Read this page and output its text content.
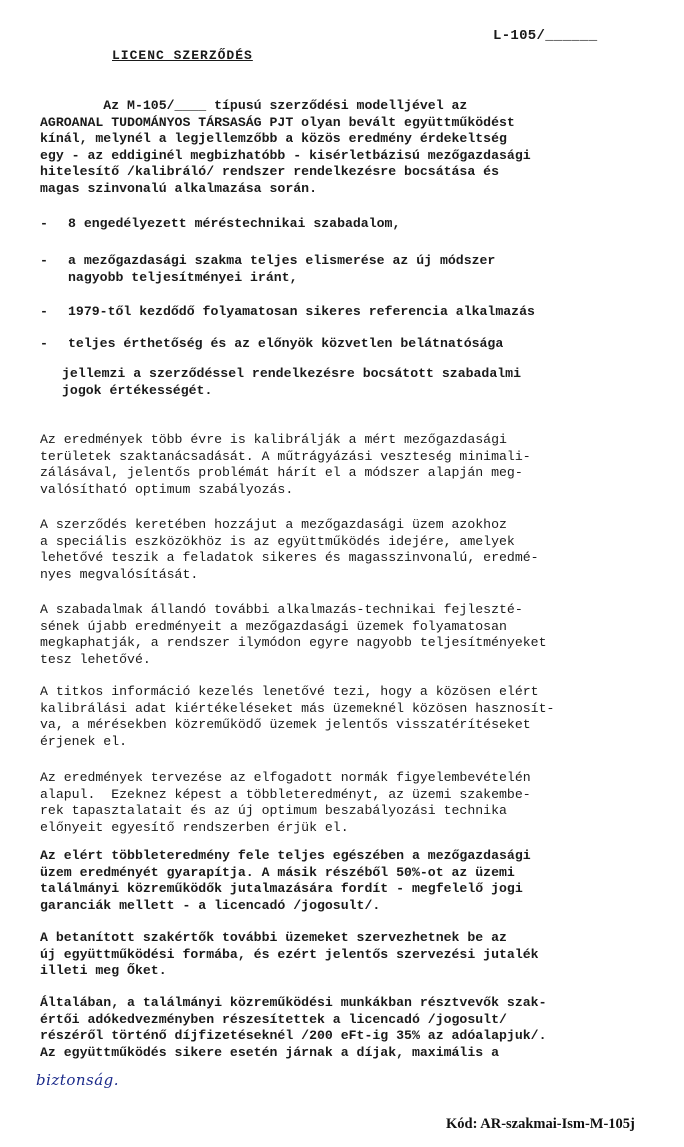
L-105/______
LICENC SZERZŐDÉS

Az M-105/____ típusú szerződési modelljével az
AGROANAL TUDOMÁNYOS TÁRSASÁG PJT olyan bevált együttműködést
kínál, melynél a legjellemzőbb a közös eredmény érdekeltség
egy - az eddiginél megbizhatóbb - kisérletbázisú mezőgazdasági
hitelesítő /kalibráló/ rendszer rendelkezésre bocsátása és
magas szinvonalú alkalmazása során.

-	8 engedélyezett méréstechnikai szabadalom,
-	a mezőgazdasági szakma teljes elismerése az új módszer
nagyobb teljesítményei iránt,
-	1979-től kezdődő folyamatosan sikeres referencia alkalmazás
-	teljes érthetőség és az előnyök közvetlen belátnatósága

jellemzi a szerződéssel rendelkezésre bocsátott szabadalmi
jogok értékességét.

Az eredmények több évre is kalibrálják a mért mezőgazdasági
területek szaktanácsadását. A műtrágyázási veszteség minimali-
zálásával, jelentős problémát hárít el a módszer alapján meg-
valósítható optimum szabályozás.

A szerződés keretében hozzájut a mezőgazdasági üzem azokhoz
a speciális eszközökhöz is az együttműködés idejére, amelyek
lehetővé teszik a feladatok sikeres és magasszinvonalú, eredmé-
nyes megvalósítását.

A szabadalmak állandó további alkalmazás-technikai fejleszté-
sének újabb eredményeit a mezőgazdasági üzemek folyamatosan
megkaphatják, a rendszer ilymódon egyre nagyobb teljesítményeket
tesz lehetővé.

A titkos információ kezelés lenetővé tezi, hogy a közösen elért
kalibrálási adat kiértékeléseket más üzemeknél közösen hasznosít-
va, a mérésekben közreműködő üzemek jelentős visszatérítéseket
érjenek el.

Az eredmények tervezése az elfogadott normák figyelembevételén
alapul.  Ezeknez képest a többleteredményt, az üzemi szakembe-
rek tapasztalatait és az új optimum beszabályozási technika
előnyeit egyesítő rendszerben érjük el.

Az elért többleteredmény fele teljes egészében a mezőgazdasági
üzem eredményét gyarapítja. A másik részéből 50%-ot az üzemi
találmányi közreműködők jutalmazására fordít - megfelelő jogi
garanciák mellett - a licencadó /jogosult/.

A betanított szakértők további üzemeket szervezhetnek be az
új együttműködési formába, és ezért jelentős szervezési jutalék
illeti meg Őket.

Általában, a találmányi közreműködési munkákban résztvevők szak-
értői adókedvezményben részesítettek a licencadó /jogosult/
részéről történő díjfizetéseknél /200 eFt-ig 35% az adóalapjuk/.
Az együttműködés sikere esetén járnak a díjak, maximális a

biztonság.
Kód: AR-szakmai-Ism-M-105j
